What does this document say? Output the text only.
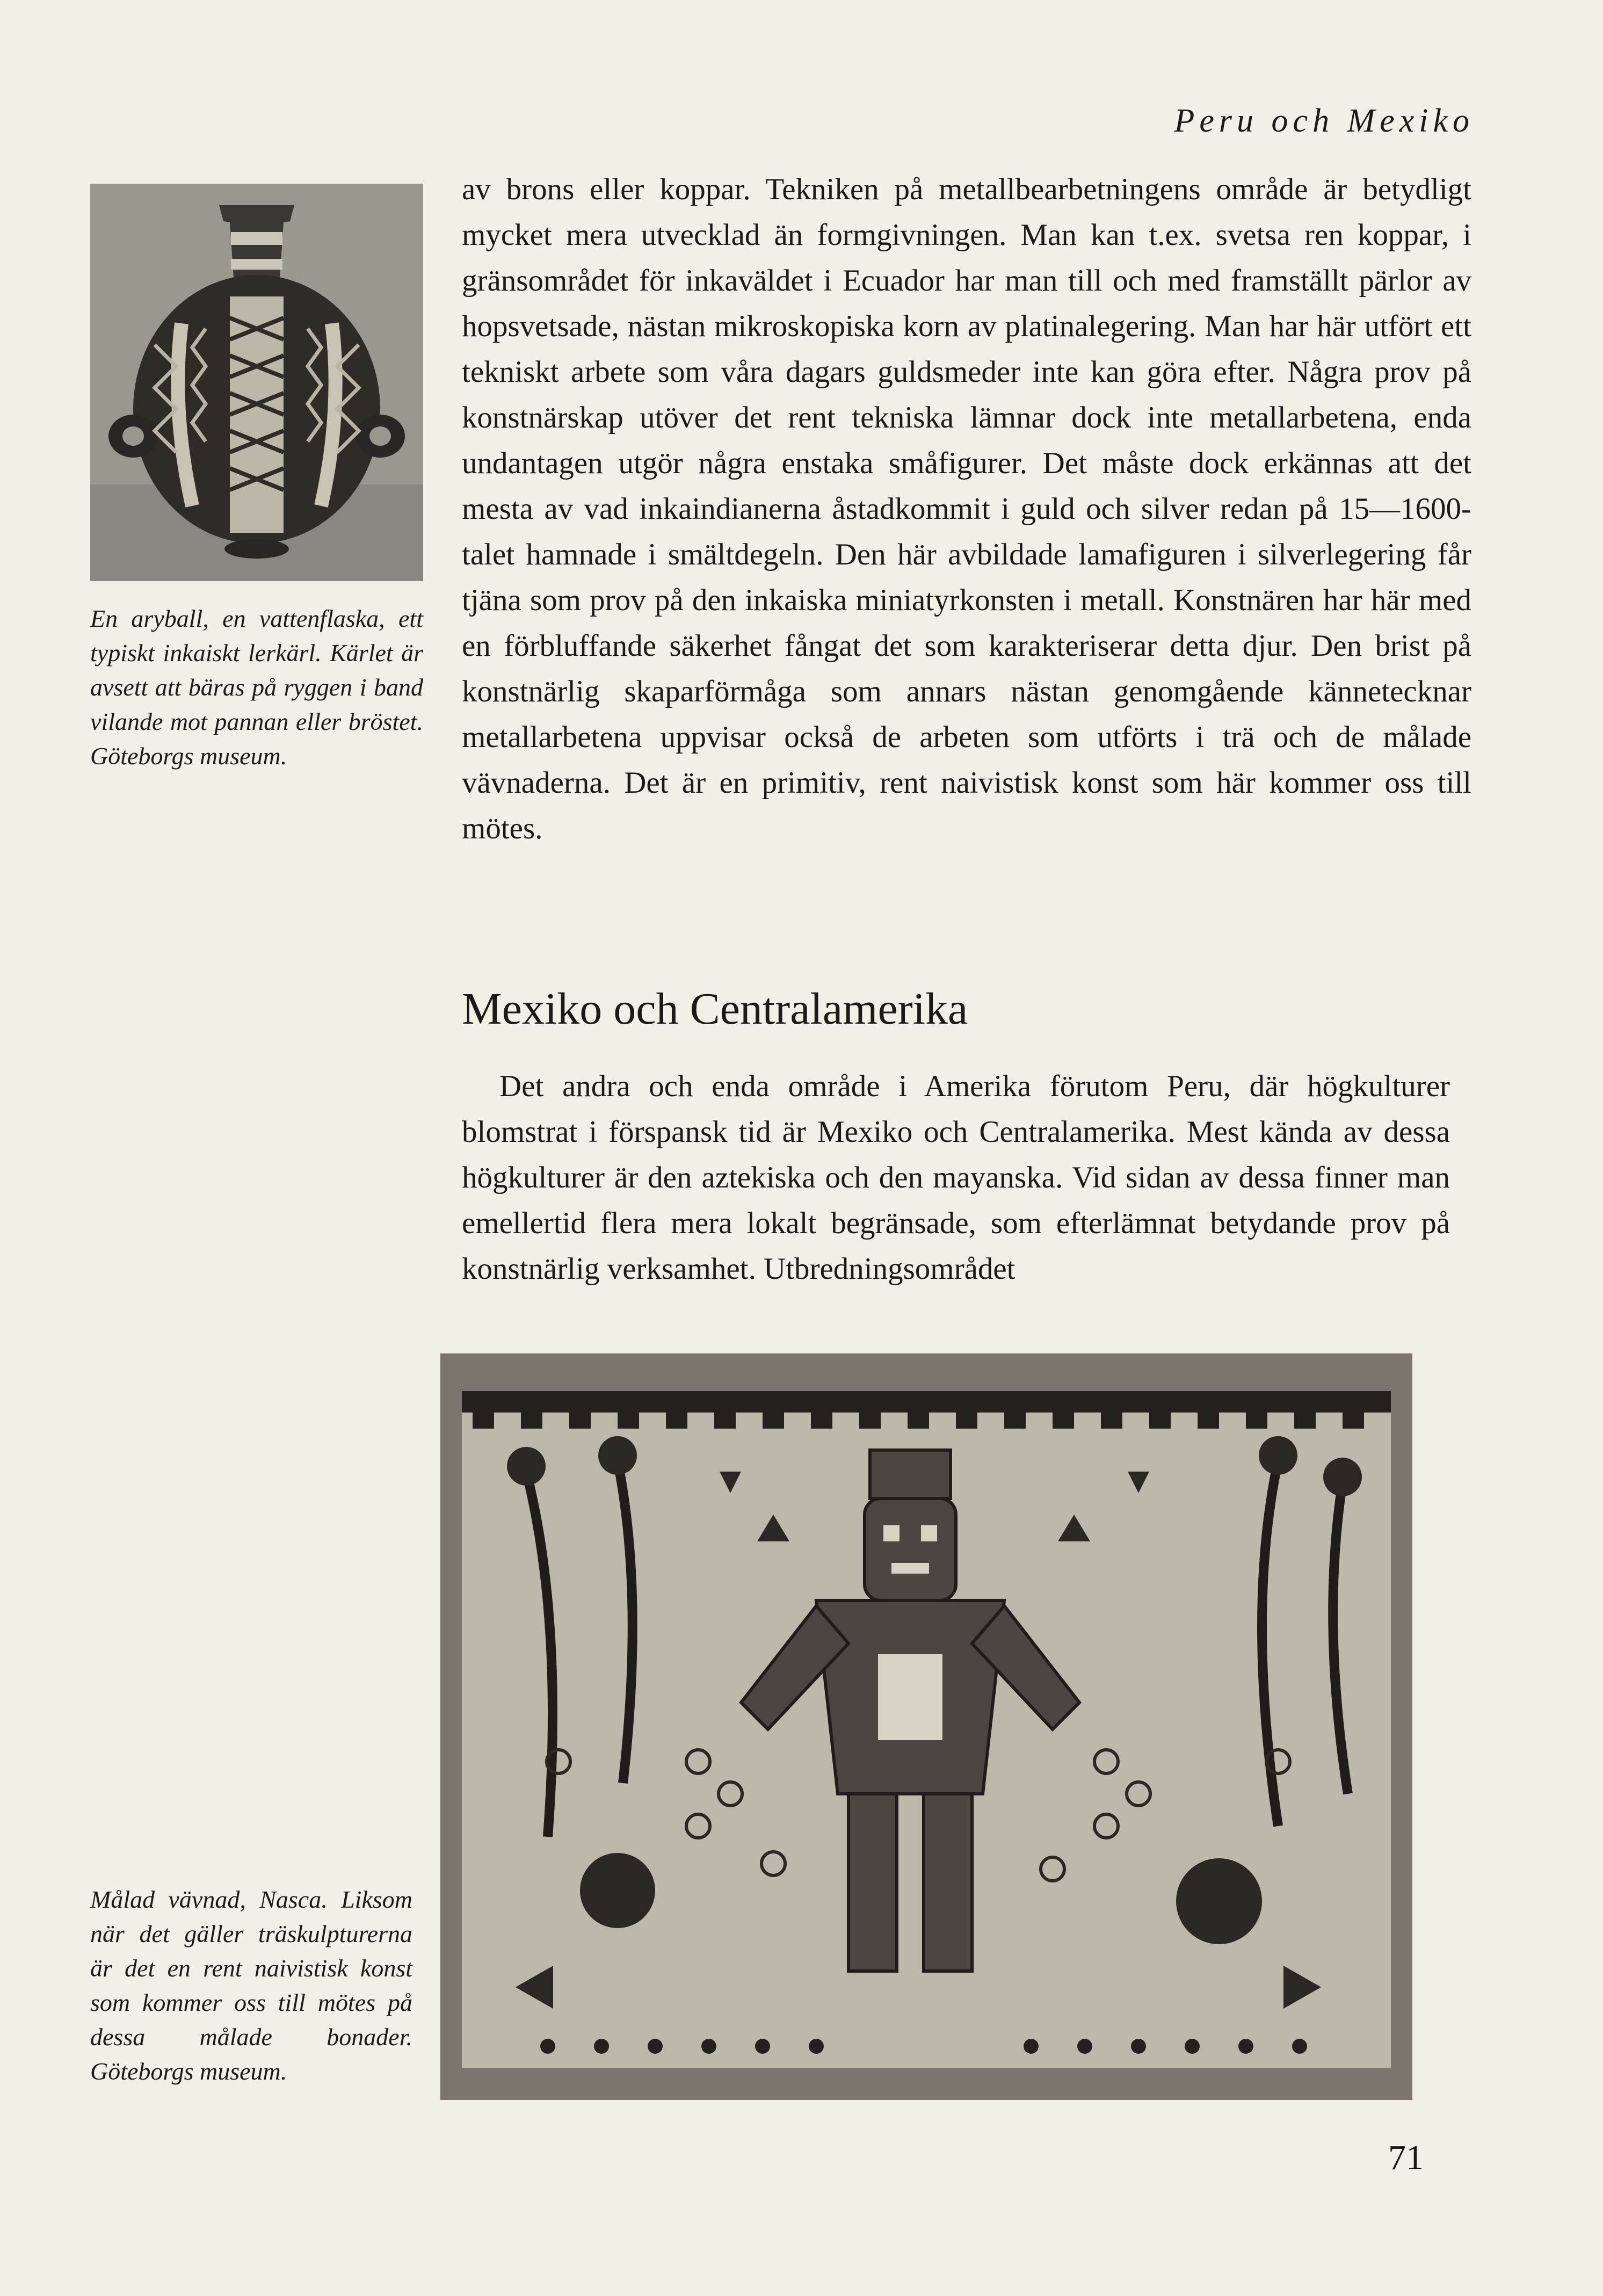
Peru och Mexiko
En aryball, en vattenflaska, ett typiskt inkaiskt lerkärl. Kärlet är avsett att bäras på ryggen i band vilande mot pannan eller bröstet. Göteborgs museum.

av brons eller koppar. Tekniken på metallbearbetningens område är betydligt mycket mera utvecklad än formgivningen. Man kan t.ex. svetsa ren koppar, i gränsområdet för inkaväldet i Ecuador har man till och med framställt pärlor av hopsvetsade, nästan mikroskopiska korn av platinalegering. Man har här utfört ett tekniskt arbete som våra dagars guldsmeder inte kan göra efter. Några prov på konstnärskap utöver det rent tekniska lämnar dock inte metallarbetena, enda undantagen utgör några enstaka småfigurer. Det måste dock erkännas att det mesta av vad inkaindianerna åstadkommit i guld och silver redan på 15—1600-talet hamnade i smältdegeln. Den här avbildade lamafiguren i silverlegering får tjäna som prov på den inkaiska miniatyrkonsten i metall. Konstnären har här med en förbluffande säkerhet fångat det som karakteriserar detta djur. Den brist på konstnärlig skaparförmåga som annars nästan genomgående kännetecknar metallarbetena uppvisar också de arbeten som utförts i trä och de målade vävnaderna. Det är en primitiv, rent naivistisk konst som här kommer oss till mötes.

Mexiko och Centralamerika

Det andra och enda område i Amerika förutom Peru, där högkulturer blomstrat i förspansk tid är Mexiko och Centralamerika. Mest kända av dessa högkulturer är den aztekiska och den mayanska. Vid sidan av dessa finner man emellertid flera mera lokalt begränsade, som efterlämnat betydande prov på konstnärlig verksamhet. Utbredningsområdet

Målad vävnad, Nasca. Liksom när det gäller träskulpturerna är det en rent naivistisk konst som kommer oss till mötes på dessa målade bonader. Göteborgs museum.
71
